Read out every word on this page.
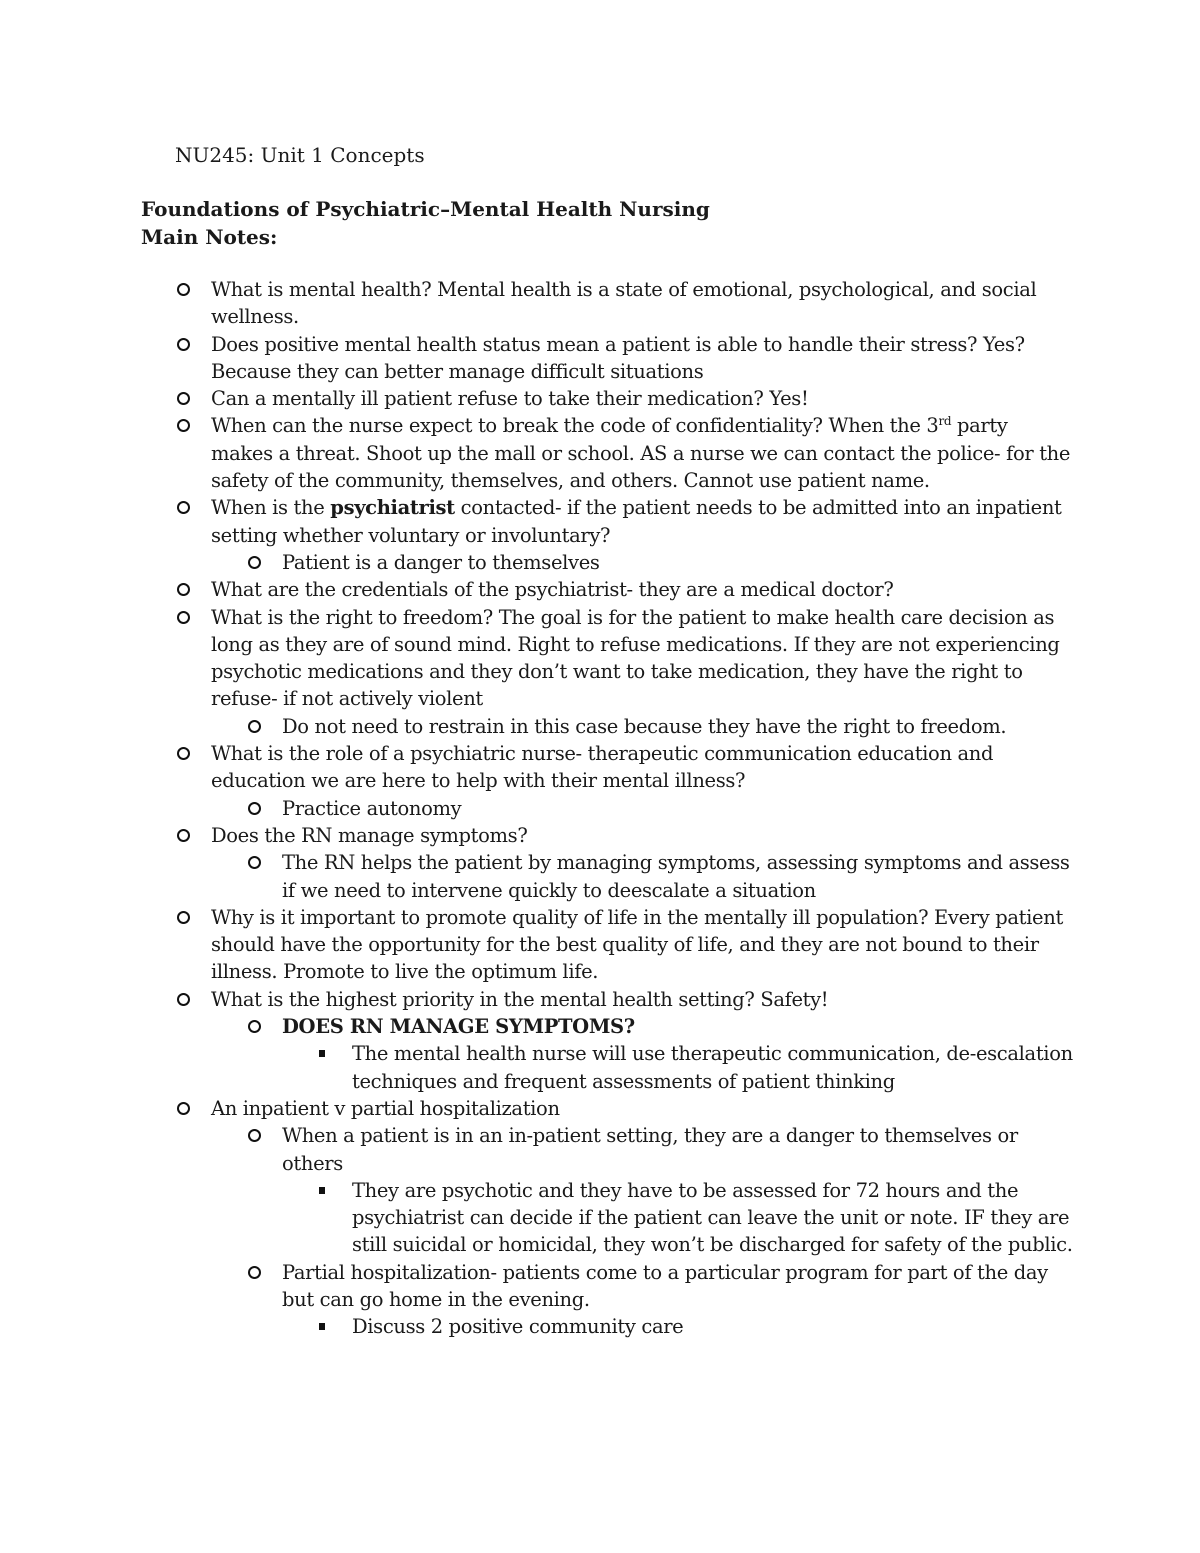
NU245: Unit 1 Concepts
Foundations of Psychiatric–Mental Health Nursing
Main Notes:
What is mental health? Mental health is a state of emotional, psychological, and social wellness.
Does positive mental health status mean a patient is able to handle their stress? Yes? Because they can better manage difficult situations
Can a mentally ill patient refuse to take their medication? Yes!
When can the nurse expect to break the code of confidentiality? When the 3rd party makes a threat. Shoot up the mall or school. AS a nurse we can contact the police- for the safety of the community, themselves, and others. Cannot use patient name.
When is the psychiatrist contacted- if the patient needs to be admitted into an inpatient setting whether voluntary or involuntary?
Patient is a danger to themselves
What are the credentials of the psychiatrist- they are a medical doctor?
What is the right to freedom? The goal is for the patient to make health care decision as long as they are of sound mind. Right to refuse medications. If they are not experiencing psychotic medications and they don’t want to take medication, they have the right to refuse- if not actively violent
Do not need to restrain in this case because they have the right to freedom.
What is the role of a psychiatric nurse- therapeutic communication education and education we are here to help with their mental illness?
Practice autonomy
Does the RN manage symptoms?
The RN helps the patient by managing symptoms, assessing symptoms and assess if we need to intervene quickly to deescalate a situation
Why is it important to promote quality of life in the mentally ill population? Every patient should have the opportunity for the best quality of life, and they are not bound to their illness. Promote to live the optimum life.
What is the highest priority in the mental health setting? Safety!
DOES RN MANAGE SYMPTOMS?
The mental health nurse will use therapeutic communication, de-escalation techniques and frequent assessments of patient thinking
An inpatient v partial hospitalization
When a patient is in an in-patient setting, they are a danger to themselves or others
They are psychotic and they have to be assessed for 72 hours and the psychiatrist can decide if the patient can leave the unit or note. IF they are still suicidal or homicidal, they won’t be discharged for safety of the public.
Partial hospitalization- patients come to a particular program for part of the day but can go home in the evening.
Discuss 2 positive community care
